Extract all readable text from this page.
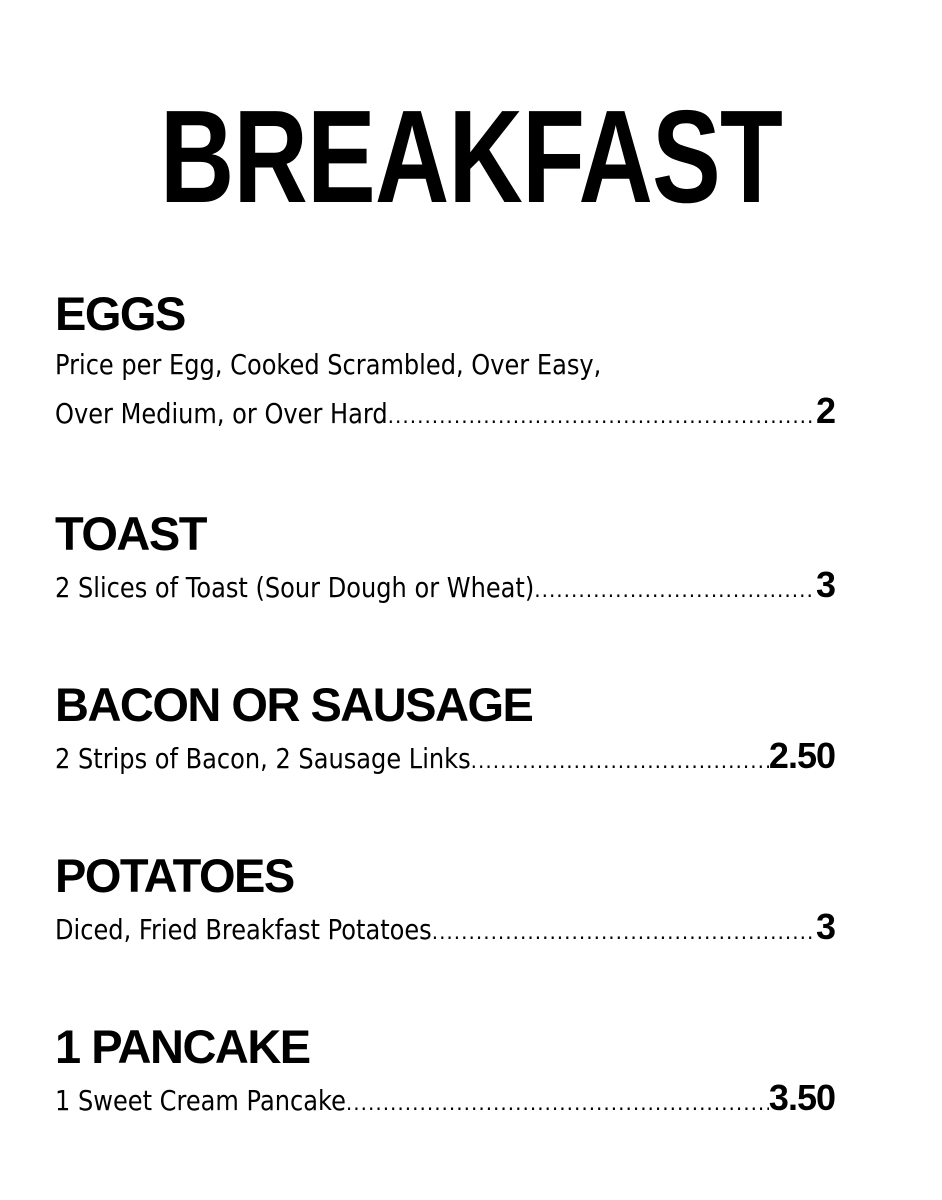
BREAKFAST
EGGS
Price per Egg, Cooked Scrambled, Over Easy,
Over Medium, or Over Hard .....	2
TOAST
2 Slices of Toast (Sour Dough or Wheat) .....	3
BACON OR SAUSAGE
2 Strips of Bacon, 2 Sausage Links .....	2.50
POTATOES
Diced, Fried Breakfast Potatoes .....	3
1 PANCAKE
1 Sweet Cream Pancake .....	3.50
